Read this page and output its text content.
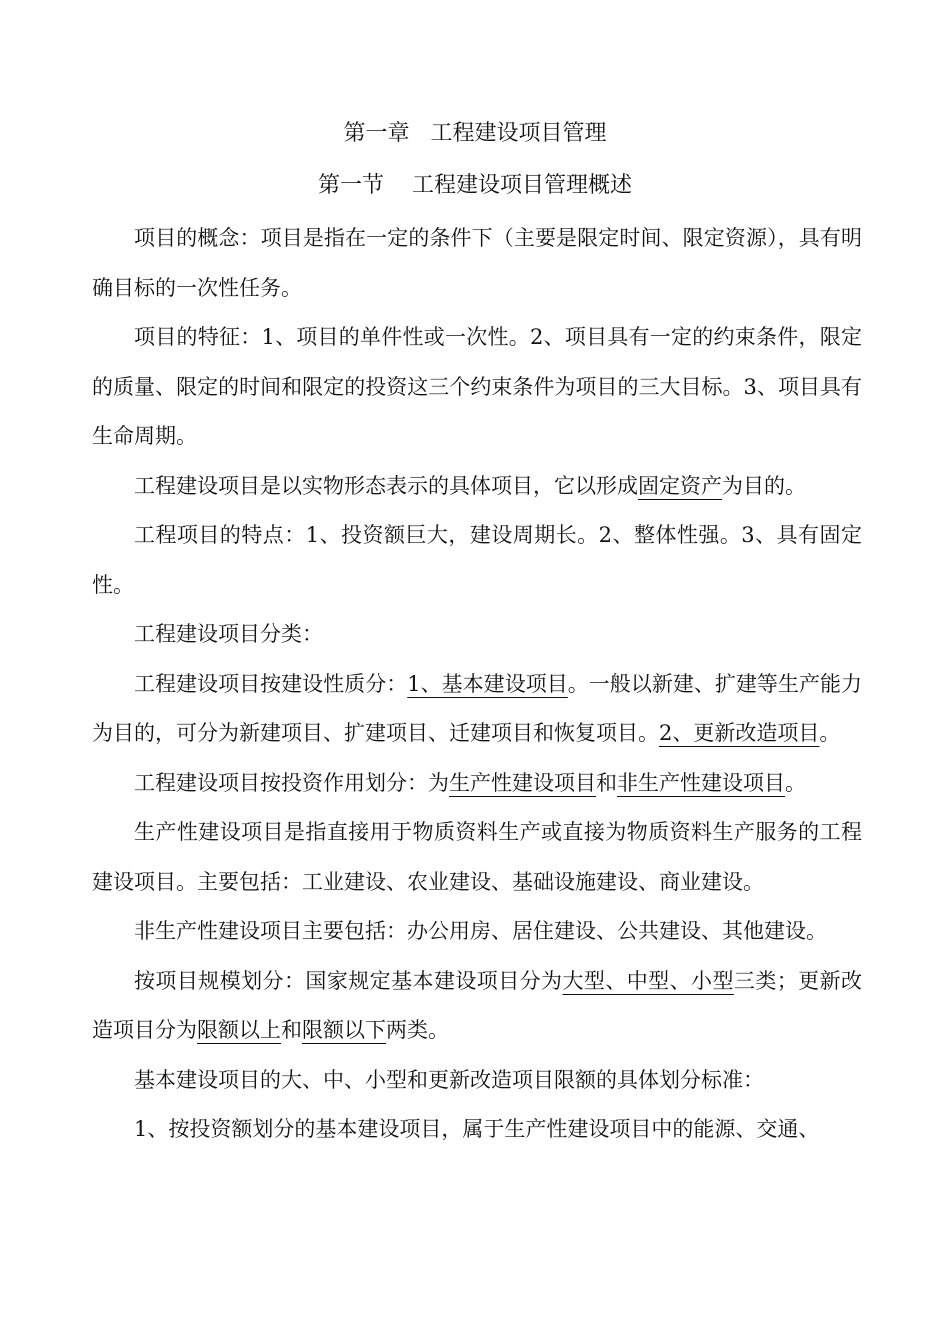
第一章   工程建设项目管理
第一节    工程建设项目管理概述

项目的概念：项目是指在一定的条件下（主要是限定时间、限定资源），具有明确目标的一次性任务。

项目的特征：1、项目的单件性或一次性。2、项目具有一定的约束条件，限定的质量、限定的时间和限定的投资这三个约束条件为项目的三大目标。3、项目具有生命周期。

工程建设项目是以实物形态表示的具体项目，它以形成固定资产为目的。

工程项目的特点：1、投资额巨大，建设周期长。2、整体性强。3、具有固定性。

工程建设项目分类：

工程建设项目按建设性质分：1、基本建设项目。一般以新建、扩建等生产能力为目的，可分为新建项目、扩建项目、迁建项目和恢复项目。2、更新改造项目。

工程建设项目按投资作用划分：为生产性建设项目和非生产性建设项目。

生产性建设项目是指直接用于物质资料生产或直接为物质资料生产服务的工程建设项目。主要包括：工业建设、农业建设、基础设施建设、商业建设。

非生产性建设项目主要包括：办公用房、居住建设、公共建设、其他建设。

按项目规模划分：国家规定基本建设项目分为大型、中型、小型三类；更新改造项目分为限额以上和限额以下两类。

基本建设项目的大、中、小型和更新改造项目限额的具体划分标准：

1、按投资额划分的基本建设项目，属于生产性建设项目中的能源、交通、
